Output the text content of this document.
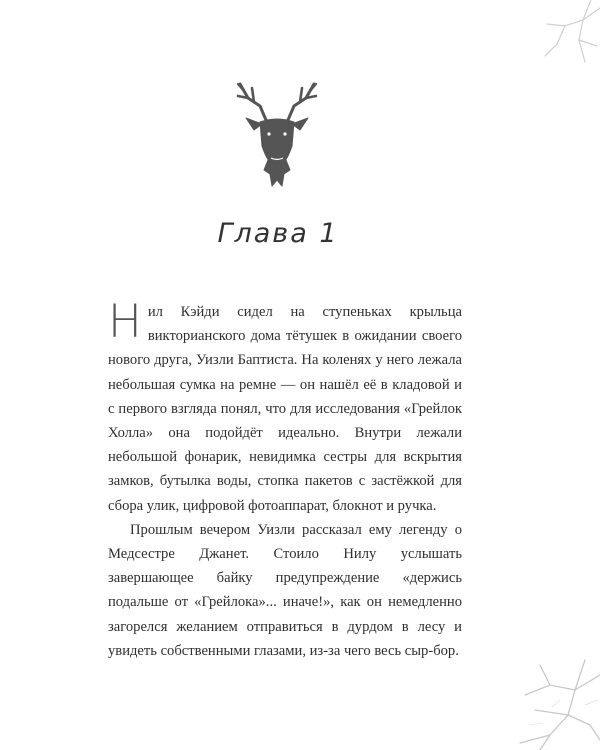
Глава 1

Нил Кэйди сидел на ступеньках крыльца викторианского дома тётушек в ожидании своего нового друга, Уизли Баптиста. На коленях у него лежала небольшая сумка на ремне — он нашёл её в кладовой и с первого взгляда понял, что для исследования «Грейлок Холла» она подойдёт идеально. Внутри лежали небольшой фонарик, невидимка сестры для вскрытия замков, бутылка воды, стопка пакетов с застёжкой для сбора улик, цифровой фотоаппарат, блокнот и ручка.

Прошлым вечером Уизли рассказал ему легенду о Медсестре Джанет. Стоило Нилу услышать завершающее байку предупреждение «держись подальше от «Грейлока»... иначе!», как он немедленно загорелся желанием отправиться в дурдом в лесу и увидеть собственными глазами, из-за чего весь сыр-бор.
